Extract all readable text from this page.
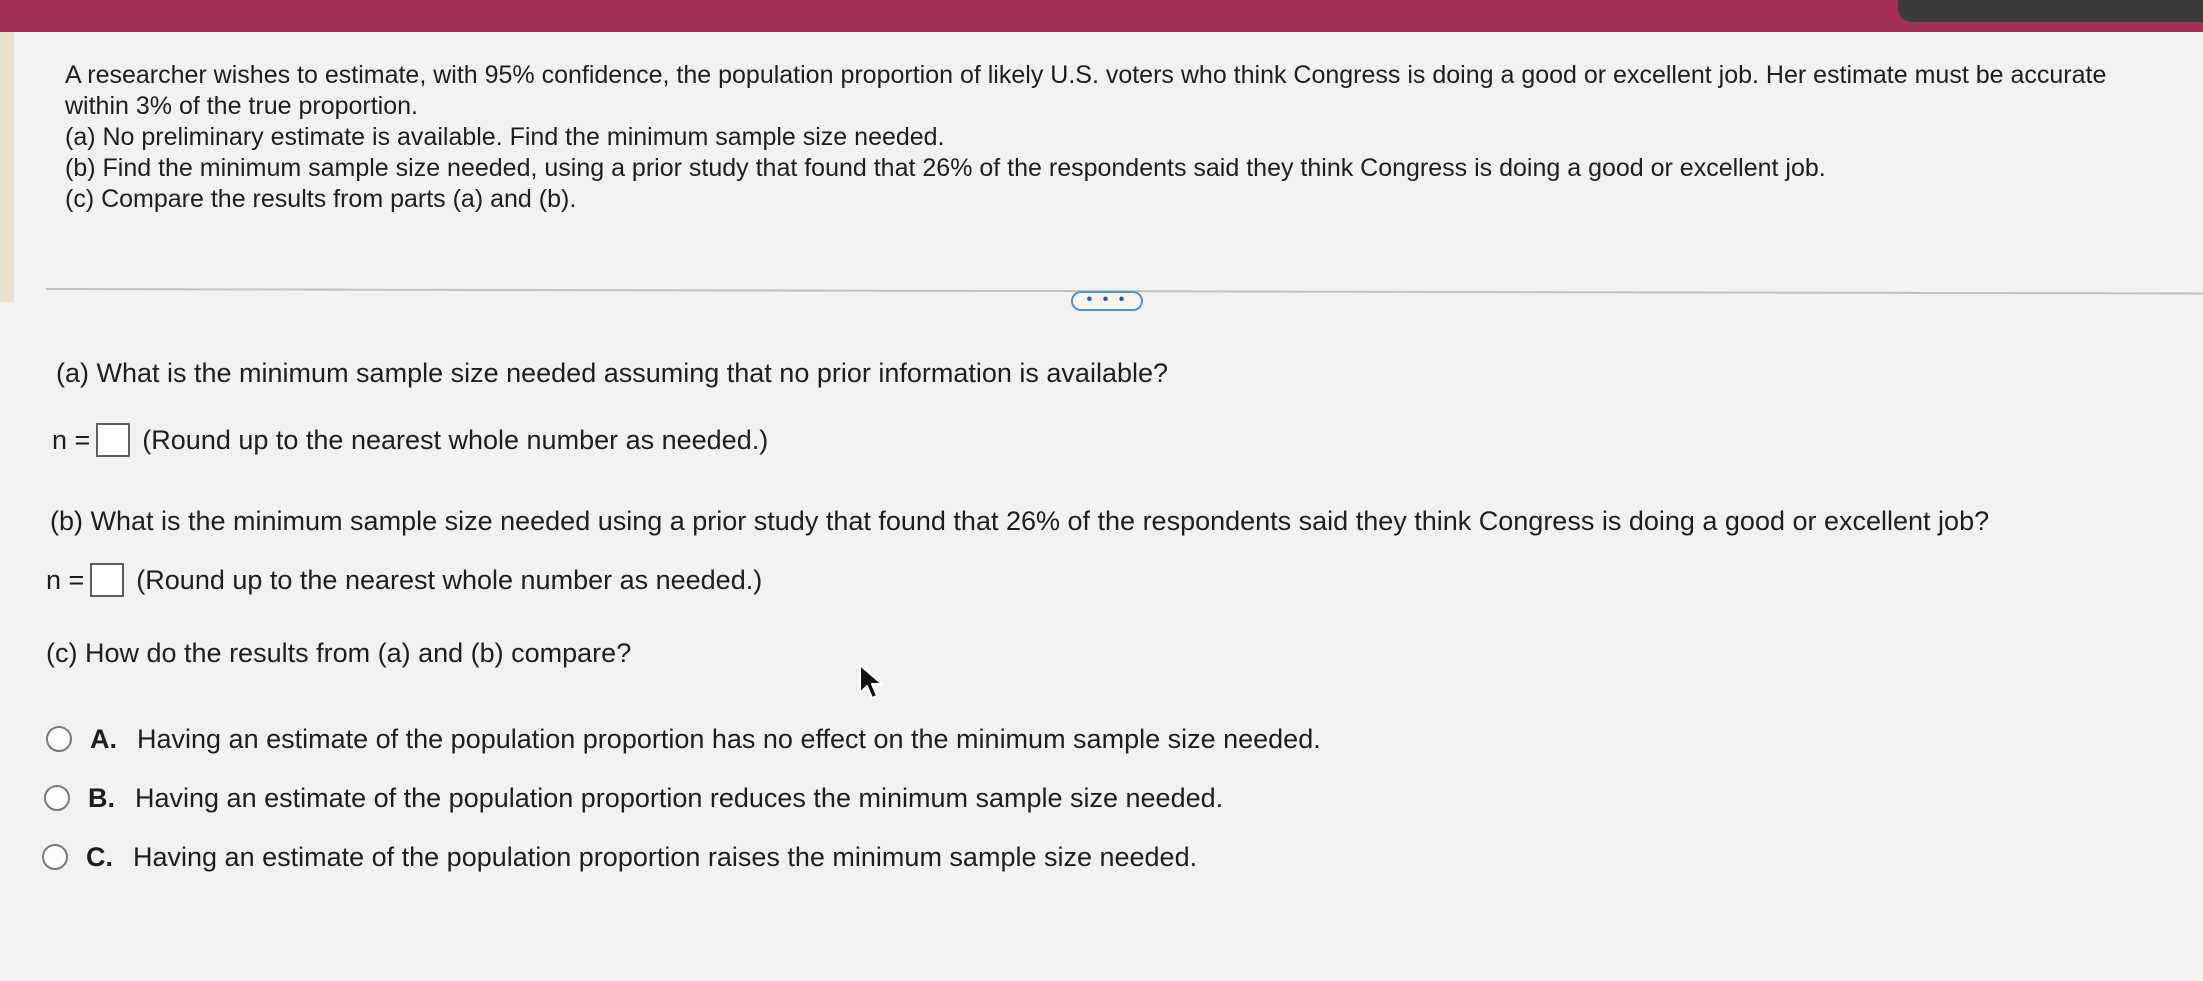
A researcher wishes to estimate, with 95% confidence, the population proportion of likely U.S. voters who think Congress is doing a good or excellent job. Her estimate must be accurate within 3% of the true proportion.

(a) No preliminary estimate is available. Find the minimum sample size needed.

(b) Find the minimum sample size needed, using a prior study that found that 26% of the respondents said they think Congress is doing a good or excellent job.

(c) Compare the results from parts (a) and (b).

• • •
(a) What is the minimum sample size needed assuming that no prior information is available?
n = (Round up to the nearest whole number as needed.)
(b) What is the minimum sample size needed using a prior study that found that 26% of the respondents said they think Congress is doing a good or excellent job?
n = (Round up to the nearest whole number as needed.)
(c) How do the results from (a) and (b) compare?
A. Having an estimate of the population proportion has no effect on the minimum sample size needed.
B. Having an estimate of the population proportion reduces the minimum sample size needed.
C. Having an estimate of the population proportion raises the minimum sample size needed.
